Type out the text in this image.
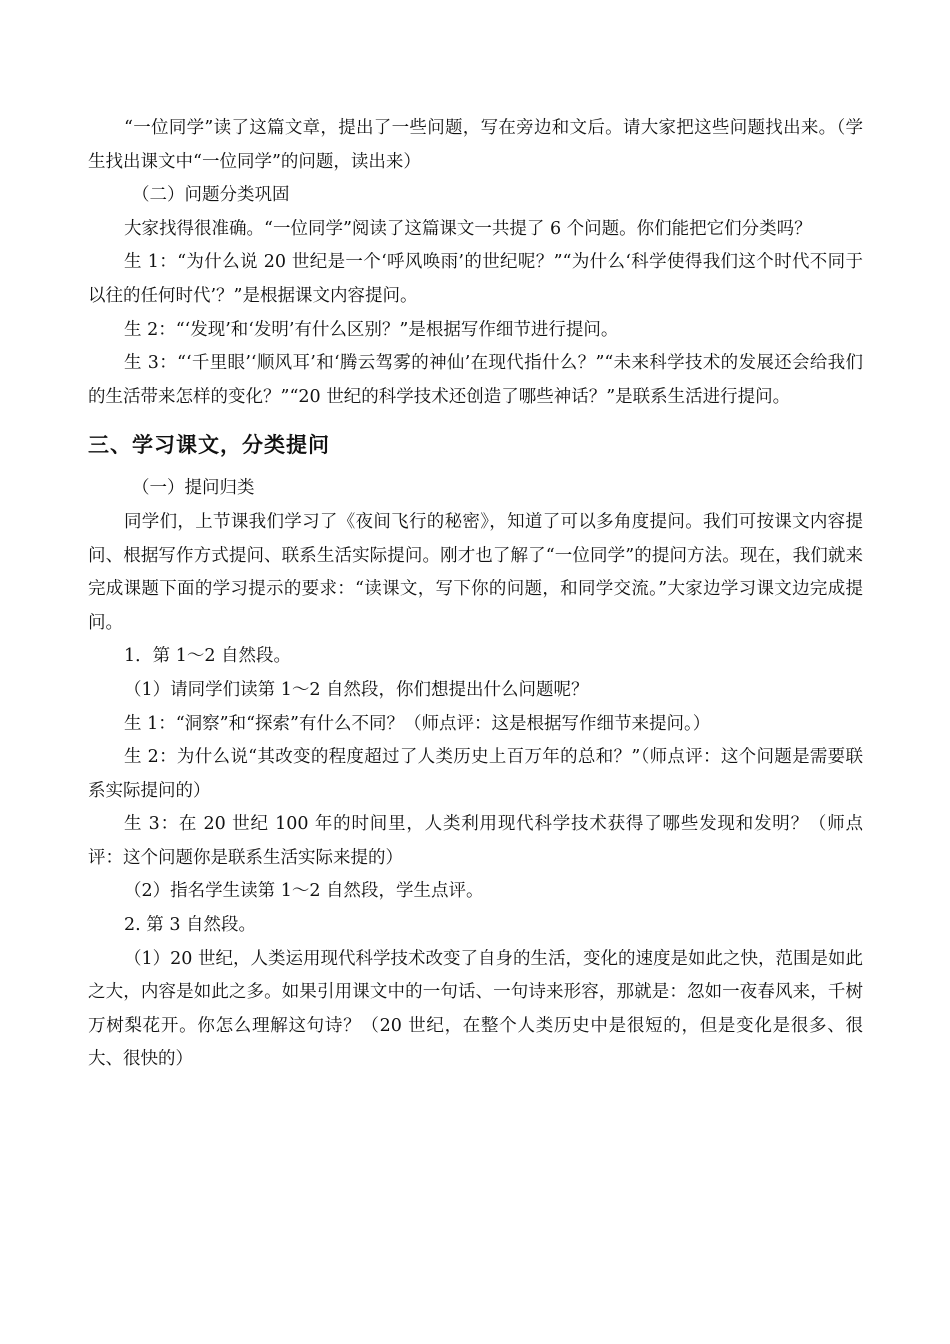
“一位同学”读了这篇文章，提出了一些问题，写在旁边和文后。请大家把这些问题找出来。（学生找出课文中“一位同学”的问题，读出来）

（二）问题分类巩固

大家找得很准确。“一位同学”阅读了这篇课文一共提了 6 个问题。你们能把它们分类吗？

生 1：“为什么说 20 世纪是一个‘呼风唤雨’的世纪呢？”“为什么‘科学使得我们这个时代不同于以往的任何时代’？”是根据课文内容提问。

生 2：“‘发现’和‘发明’有什么区别？”是根据写作细节进行提问。

生 3：“‘千里眼’‘顺风耳’和‘腾云驾雾的神仙’在现代指什么？”“未来科学技术的发展还会给我们的生活带来怎样的变化？”“20 世纪的科学技术还创造了哪些神话？”是联系生活进行提问。

三、学习课文，分类提问

（一）提问归类

同学们，上节课我们学习了《夜间飞行的秘密》，知道了可以多角度提问。我们可按课文内容提问、根据写作方式提问、联系生活实际提问。刚才也了解了“一位同学”的提问方法。现在，我们就来完成课题下面的学习提示的要求：“读课文，写下你的问题，和同学交流。”大家边学习课文边完成提问。

1．第 1～2 自然段。

（1）请同学们读第 1～2 自然段，你们想提出什么问题呢？

生 1：“洞察”和“探索”有什么不同？（师点评：这是根据写作细节来提问。）

生 2：为什么说“其改变的程度超过了人类历史上百万年的总和？”（师点评：这个问题是需要联系实际提问的）

生 3：在 20 世纪 100 年的时间里，人类利用现代科学技术获得了哪些发现和发明？（师点评：这个问题你是联系生活实际来提的）

（2）指名学生读第 1～2 自然段，学生点评。

2. 第 3 自然段。

（1）20 世纪，人类运用现代科学技术改变了自身的生活，变化的速度是如此之快，范围是如此之大，内容是如此之多。如果引用课文中的一句话、一句诗来形容，那就是：忽如一夜春风来，千树万树梨花开。你怎么理解这句诗？（20 世纪，在整个人类历史中是很短的，但是变化是很多、很大、很快的）
